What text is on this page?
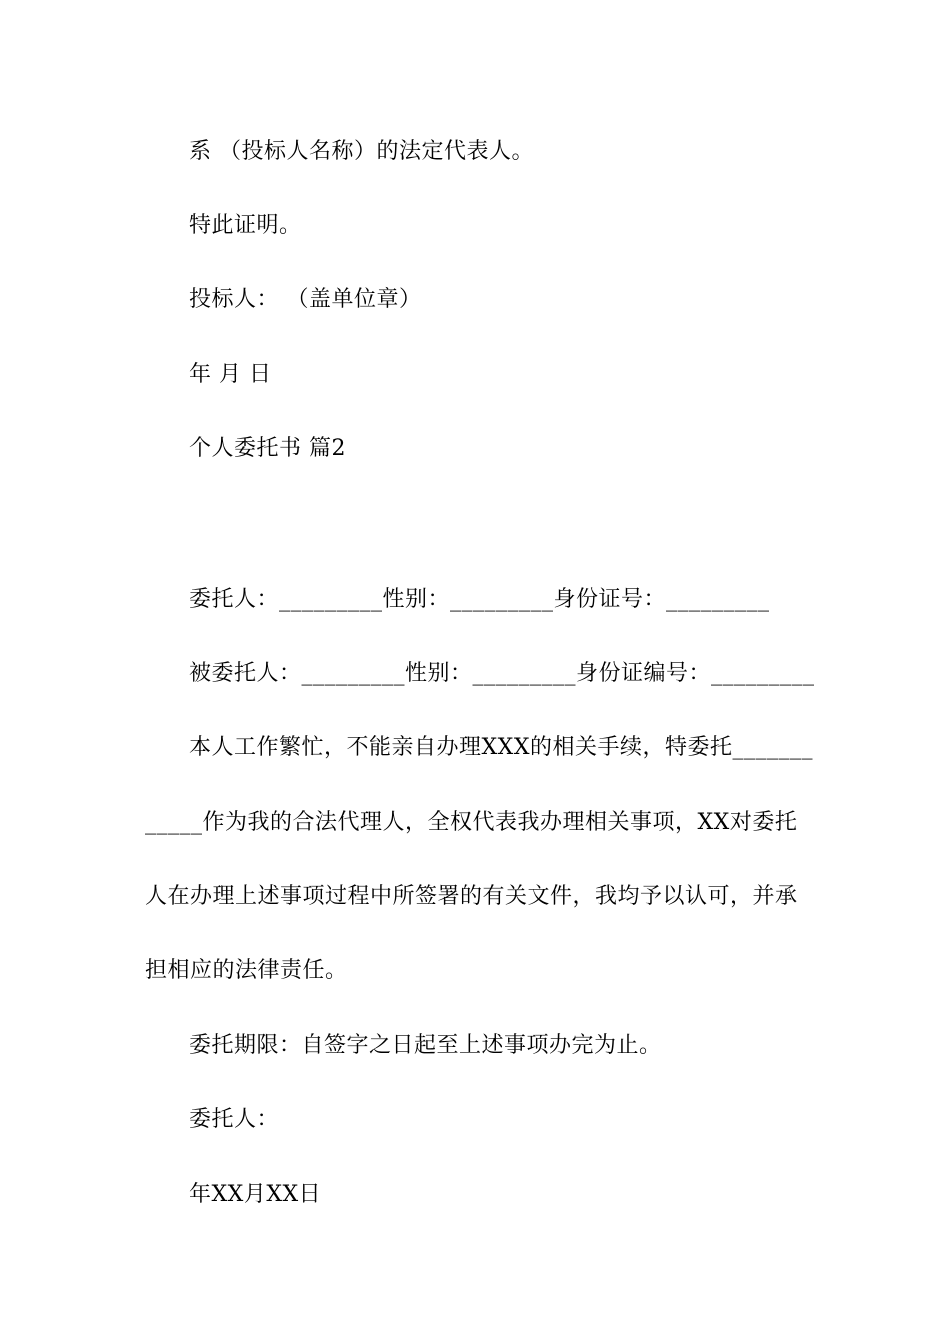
系 （投标人名称）的法定代表人。
特此证明。
投标人： （盖单位章）
年 月 日
个人委托书 篇2
委托人：_________性别：_________身份证号：_________
被委托人：_________性别：_________身份证编号：_________
本人工作繁忙，不能亲自办理XXX的相关手续，特委托_______
_____作为我的合法代理人，全权代表我办理相关事项，XX对委托
人在办理上述事项过程中所签署的有关文件，我均予以认可，并承
担相应的法律责任。
委托期限：自签字之日起至上述事项办完为止。
委托人：
年XX月XX日
